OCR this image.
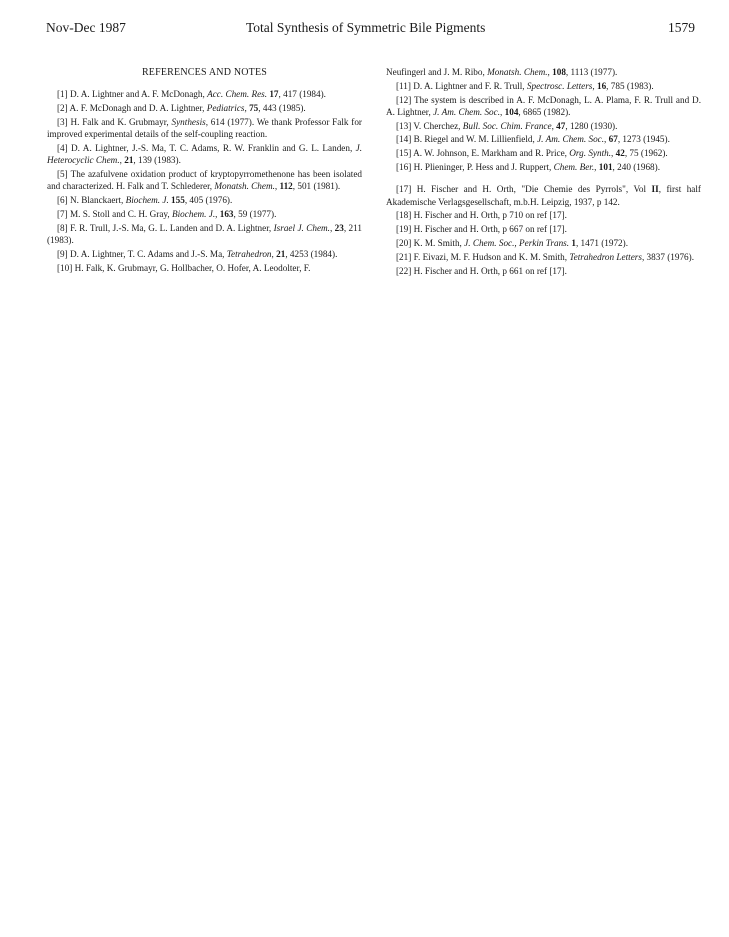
Nov-Dec 1987	Total Synthesis of Symmetric Bile Pigments	1579
REFERENCES AND NOTES
[1] D. A. Lightner and A. F. McDonagh, Acc. Chem. Res. 17, 417 (1984).
[2] A. F. McDonagh and D. A. Lightner, Pediatrics, 75, 443 (1985).
[3] H. Falk and K. Grubmayr, Synthesis, 614 (1977). We thank Professor Falk for improved experimental details of the self-coupling reaction.
[4] D. A. Lightner, J.-S. Ma, T. C. Adams, R. W. Franklin and G. L. Landen, J. Heterocyclic Chem., 21, 139 (1983).
[5] The azafulvene oxidation product of kryptopyrromethenone has been isolated and characterized. H. Falk and T. Schlederer, Monatsh. Chem., 112, 501 (1981).
[6] N. Blanckaert, Biochem. J. 155, 405 (1976).
[7] M. S. Stoll and C. H. Gray, Biochem. J., 163, 59 (1977).
[8] F. R. Trull, J.-S. Ma, G. L. Landen and D. A. Lightner, Israel J. Chem., 23, 211 (1983).
[9] D. A. Lightner, T. C. Adams and J.-S. Ma, Tetrahedron, 21, 4253 (1984).
[10] H. Falk, K. Grubmayr, G. Hollbacher, O. Hofer, A. Leodolter, F.
Neufingerl and J. M. Ribo, Monatsh. Chem., 108, 1113 (1977).
[11] D. A. Lightner and F. R. Trull, Spectrosc. Letters, 16, 785 (1983).
[12] The system is described in A. F. McDonagh, L. A. Plama, F. R. Trull and D. A. Lightner, J. Am. Chem. Soc., 104, 6865 (1982).
[13] V. Cherchez, Bull. Soc. Chim. France, 47, 1280 (1930).
[14] B. Riegel and W. M. Lillienfield, J. Am. Chem. Soc., 67, 1273 (1945).
[15] A. W. Johnson, E. Markham and R. Price, Org. Synth., 42, 75 (1962).
[16] H. Plieninger, P. Hess and J. Ruppert, Chem. Ber., 101, 240 (1968).
[17] H. Fischer and H. Orth, "Die Chemie des Pyrrols", Vol II, first half Akademische Verlagsgesellschaft, m.b.H. Leipzig, 1937, p 142.
[18] H. Fischer and H. Orth, p 710 on ref [17].
[19] H. Fischer and H. Orth, p 667 on ref [17].
[20] K. M. Smith, J. Chem. Soc., Perkin Trans. 1, 1471 (1972).
[21] F. Eivazi, M. F. Hudson and K. M. Smith, Tetrahedron Letters, 3837 (1976).
[22] H. Fischer and H. Orth, p 661 on ref [17].
